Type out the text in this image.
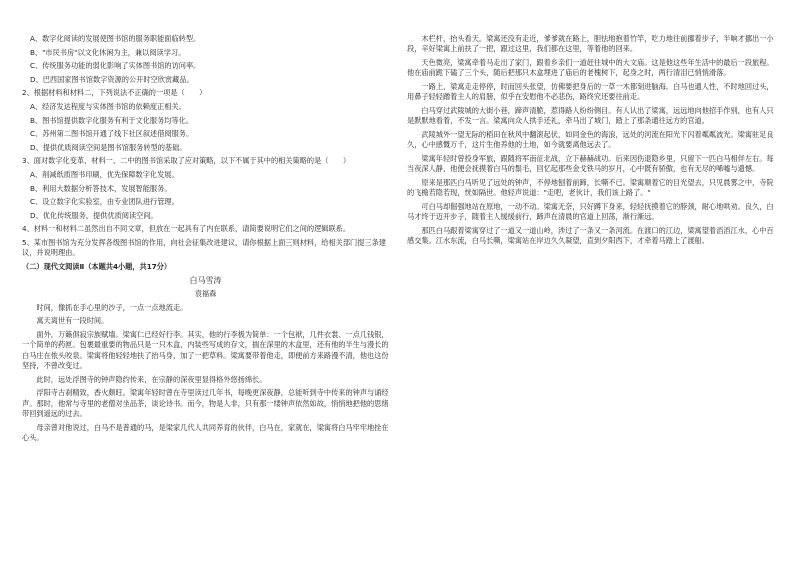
A、数字化阅读的发展使图书馆的服务职能面临转型。

B、"市民书房"以文化休闲为主，兼以阅读学习。

C、传统服务功能的弱化影响了实体图书馆的访问率。

D、巴西国家图书馆数字资源的公开时空欣赏藏品。

2、根据材料和材料二，下列说法不正确的一项是（　　）

A、经济发达程度与实体图书馆的依赖度正相关。

B、图书馆提供数字化服务有利于文化服务均等化。

C、苏州第二图书馆开通了线下社区叙述借阅服务。

D、提供优质阅读空间是图书馆服务转型的基础。

3、面对数字化变革，材料一、二中的图书馆采取了应对策略，以下不属于其中的相关策略的是（　　）

A、削减纸质图书印刷，优先保障数字化发展。

B、利用大数据分析答技术，发展智能服务。

C、设立数字化实验室，由专业团队进行管理。

D、优化传统服务，提供优质阅读空间。

4、材料一和材料二虽然出自不同文章，但放在一起具有了内在联系，请简要说明它们之间的逻辑联系。

5、某市图书馆为充分发挥各级图书馆的作用，向社会征集改进建议，请你根据上面三则材料，给相关部门提三条建议，并说明理由。

（二）现代文阅读Ⅱ（本题共4小题，共17分）

白马雪涛

袁福森

时间，像抓在手心里的沙子，一点一点地流走。

寓天离世有一段时间。

面外，万籁俱寂宗族赋墙。梁寓仁已经好行李。其实，他的行李极为简单：一个包袱，几件衣裳、一点几钱银，一个简单的药匣。包裹最重要的物品只是一只木盒，内装些写成的存文，揣在深里的木盒里，还有他的半生与漫长的白马庄在侬头咬泉。梁寓将他轻轻地扶了抬马身，加了一把草料。梁寓要带着他走，即便前方来路漫不清，他也这份坚持，不曾改变过。

此时，远处浮图寺的钟声隐约传来，在宗静的深夜里显得格外悠扬绵长。

浮阳寺古刹精致，香火颇旺。梁寓年轻时曾在寺里读过几年书，每晚更深夜静，总能听到寺中传来的钟声与诵经声。那时，他常与寺里的老僧对坐品茶，谈论诗书。而今，物是人非，只有那一缕钟声依然如故，悄悄地把他的思绪带回到遥远的过去。

母亲曾对他说过，白马不是普通的马，是梁家几代人共同养育的伙伴，白马在，家就在，梁寓将白马牢牢地拴在心头。

木栏杆，抬头看天。梁寓还没有走近，爹爹就在路上，胆怯地抱着竹竿，吃力地往前挪着步子，半晌才挪出一小段，辛好梁寓上前扶了一把，跟过这里，我们都在这里，等着他的回来。

天色微亮，梁寓牵着马走出了家门，跟着乡亲们一道赶往城中的大文庙。这是他这些年生活中的最后一段旅程。他在庙前跪下磕了三个头，随后把那只木盒埋进了庙后的老槐树下，起身之时，两行清泪已悄悄滑落。

一路上，梁寓走走停停，时而回头张望，仿佛要把身后的一草一木都刻进脑海。白马也通人性，不时地回过头，用鼻子轻轻蹭着主人的肩膀，似乎在安慰他不必悲伤，路终究还要往前走。

白马穿过武陵城的大街小巷，蹄声清脆，惹得路人纷纷侧目。有人认出了梁寓，远远地向他招手作别，也有人只是默默地看着，不发一言。梁寓向众人拱手还礼，牵马出了城门，踏上了那条通往远方的官道。

武陵城外一望无际的稻田在秋风中翻滚起伏，如同金色的海浪，远处的河流在阳光下闪着粼粼波光。梁寓驻足良久，心中感慨万千，这片生他养他的土地，如今就要离他远去了。

梁寓年轻时曾投身军旅，跟随将军南征北战，立下赫赫战功。后来因伤退隐乡里，只留下一匹白马相伴左右。每当夜深人静，他便会抚摸着白马的鬃毛，回忆起那些金戈铁马的岁月，心中既有骄傲，也有无尽的唏嘘与遗憾。

原来是那匹白马听见了远处的钟声，不停地刨着前蹄，长嘶不已。梁寓顺着它的目光望去，只见晨雾之中，寺院的飞檐若隐若现，恍如隔世。他轻声说道："走吧，老伙计，我们该上路了。"

可白马却倔强地站在原地，一动不动。梁寓无奈，只好蹲下身来，轻轻抚摸着它的脖颈，耐心地哄劝。良久，白马才终于迈开步子，随着主人缓缓前行，蹄声在清晨的官道上回荡，渐行渐远。

那匹白马跟着梁寓穿过了一道又一道山岭，涉过了一条又一条河流。在渡口的江边，梁寓望着滔滔江水，心中百感交集。江水东流，白马长嘶，梁寓站在岸边久久凝望，直到夕阳西下，才牵着马踏上了渡船。
